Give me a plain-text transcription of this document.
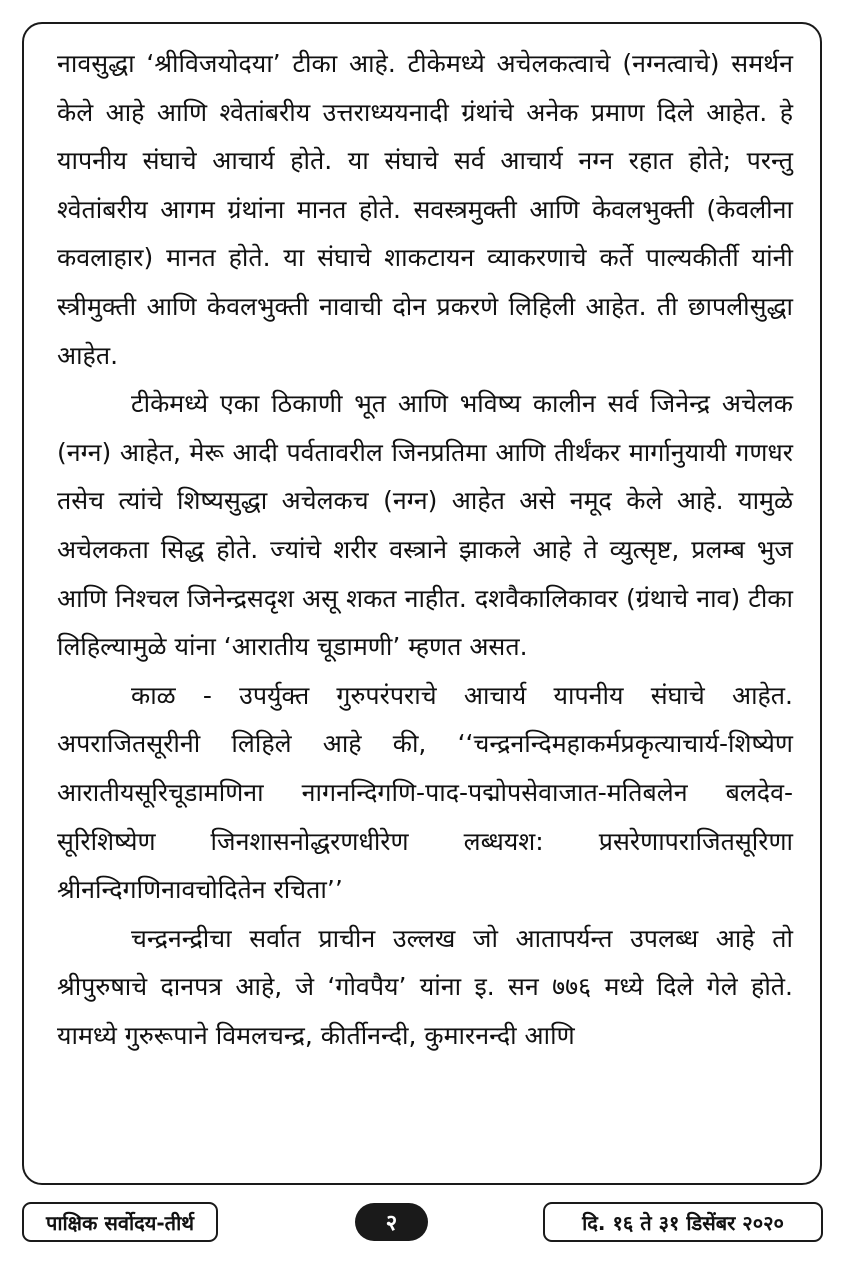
नावसुद्धा ‘श्रीविजयोदया’ टीका आहे. टीकेमध्ये अचेलकत्वाचे (नग्नत्वाचे) समर्थन केले आहे आणि श्वेतांबरीय उत्तराध्ययनादी ग्रंथांचे अनेक प्रमाण दिले आहेत. हे यापनीय संघाचे आचार्य होते. या संघाचे सर्व आचार्य नग्न रहात होते; परन्तु श्वेतांबरीय आगम ग्रंथांना मानत होते. सवस्त्रमुक्ती आणि केवलभुक्ती (केवलीना कवलाहार) मानत होते. या संघाचे शाकटायन व्याकरणाचे कर्ते पाल्यकीर्ती यांनी स्त्रीमुक्ती आणि केवलभुक्ती नावाची दोन प्रकरणे लिहिली आहेत. ती छापलीसुद्धा आहेत.

टीकेमध्ये एका ठिकाणी भूत आणि भविष्य कालीन सर्व जिनेन्द्र अचेलक (नग्न) आहेत, मेरू आदी पर्वतावरील जिनप्रतिमा आणि तीर्थंकर मार्गानुयायी गणधर तसेच त्यांचे शिष्यसुद्धा अचेलकच (नग्न) आहेत असे नमूद केले आहे. यामुळे अचेलकता सिद्ध होते. ज्यांचे शरीर वस्त्राने झाकले आहे ते व्युत्सृष्ट, प्रलम्ब भुज आणि निश्चल जिनेन्द्रसदृश असू शकत नाहीत. दशवैकालिकावर (ग्रंथाचे नाव) टीका लिहिल्यामुळे यांना ‘आरातीय चूडामणी’ म्हणत असत.

काळ - उपर्युक्त गुरुपरंपराचे आचार्य यापनीय संघाचे आहेत. अपराजितसूरीनी लिहिले आहे की, ‘‘चन्द्रनन्दिमहाकर्मप्रकृत्याचार्य-शिष्येण आरातीयसूरिचूडामणिना नागनन्दिगणि-पाद-पद्मोपसेवाजात-मतिबलेन बलदेव-सूरिशिष्येण जिनशासनोद्धरणधीरेण लब्धयश: प्रसरेणापराजितसूरिणा श्रीनन्दिगणिनावचोदितेन रचिता’’

चन्द्रनन्द्रीचा सर्वात प्राचीन उल्लख जो आतापर्यन्त उपलब्ध आहे तो श्रीपुरुषाचे दानपत्र आहे, जे ‘गोवपैय’ यांना इ. सन ७७६ मध्ये दिले गेले होते. यामध्ये गुरुरूपाने विमलचन्द्र, कीर्तीनन्दी, कुमारनन्दी आणि

पाक्षिक सर्वोदय-तीर्थ	२	दि. १६ ते ३१ डिसेंबर २०२०
